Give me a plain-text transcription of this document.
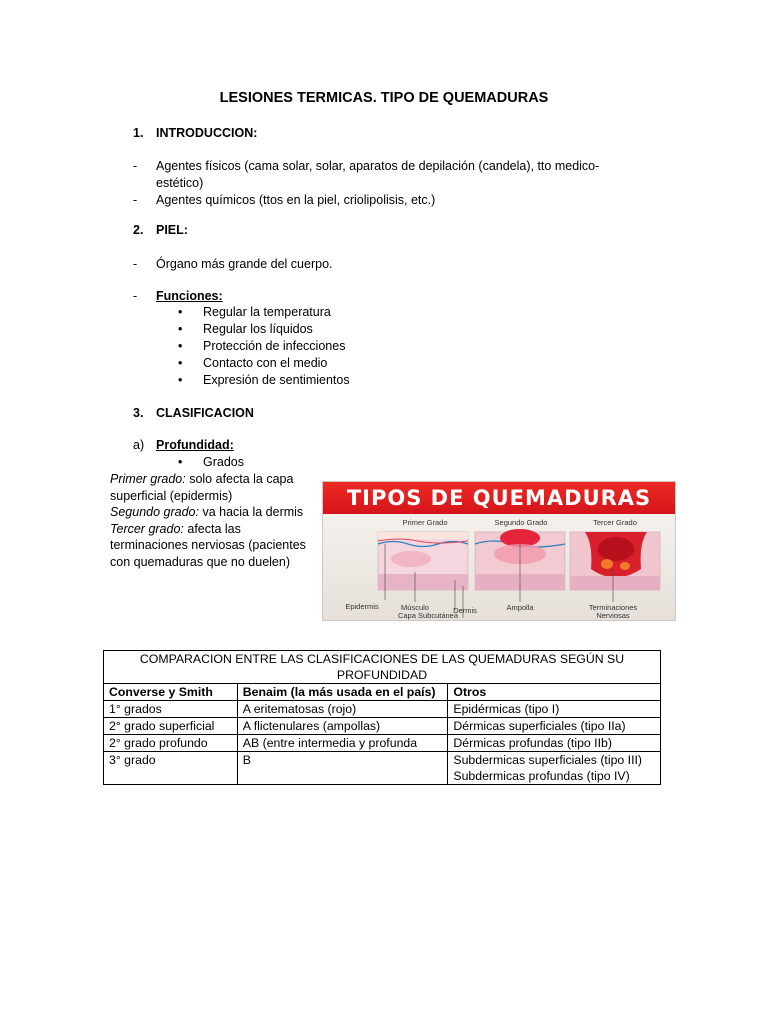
LESIONES TERMICAS. TIPO DE QUEMADURAS
1. INTRODUCCION:
- Agentes físicos (cama solar, solar, aparatos de depilación (candela), tto medico-estético)
- Agentes químicos (ttos en la piel, criolipolisis, etc.)
2. PIEL:
- Órgano más grande del cuerpo.
- Funciones:
• Regular la temperatura
• Regular los líquidos
• Protección de infecciones
• Contacto con el medio
• Expresión de sentimientos
3. CLASIFICACION
a) Profundidad:
• Grados
Primer grado: solo afecta la capa superficial (epidermis)
Segundo grado: va hacia la dermis
Tercer grado: afecta las terminaciones nerviosas (pacientes con quemaduras que no duelen)
TIPOS DE QUEMADURAS
Primer Grado	Segundo Grado	Tercer Grado
Epidermis	Músculo
Capa Subcutánea
Ampolla	Terminaciones
Nerviosas
Dermis
COMPARACION ENTRE LAS CLASIFICACIONES DE LAS QUEMADURAS SEGÚN SU PROFUNDIDAD		
Converse y Smith	Benaim (la más usada en el país)	Otros
1° grados	A eritematosas (rojo)	Epidérmicas (tipo I)
2° grado superficial	A flictenulares (ampollas)	Dérmicas superficiales (tipo IIa)
2° grado profundo	AB (entre intermedia y profunda	Dérmicas profundas (tipo IIb)
3° grado	B	Subdermicas superficiales (tipo III)
Subdermicas profundas (tipo IV)
